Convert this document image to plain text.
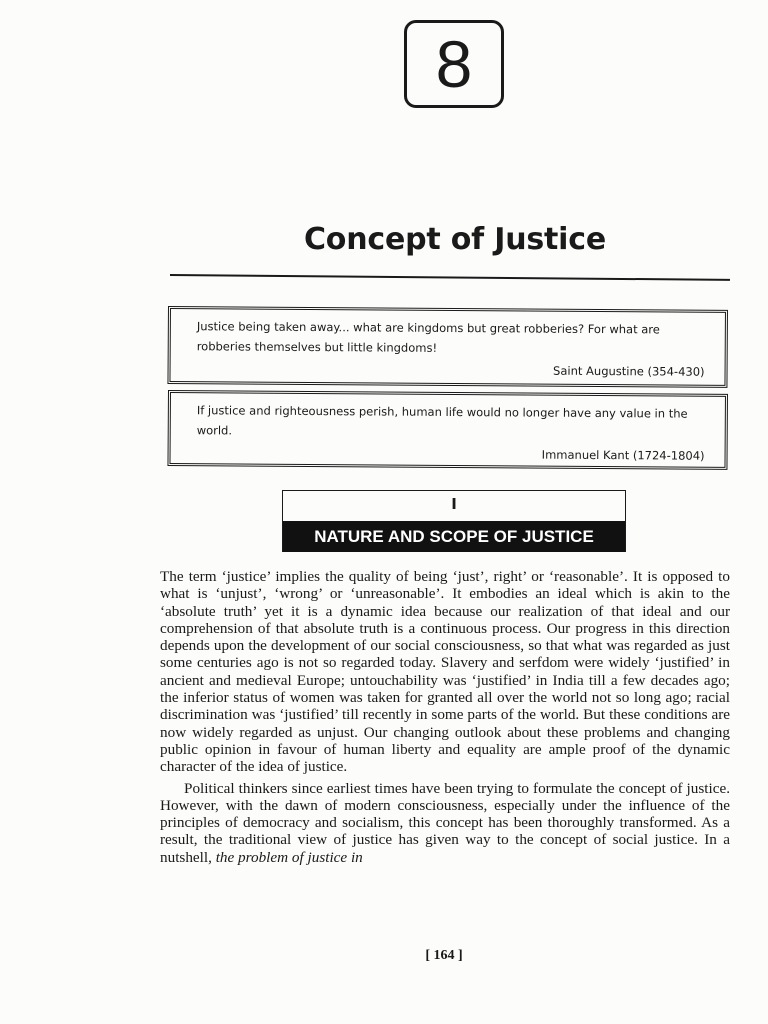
8
Concept of Justice
Justice being taken away... what are kingdoms but great robberies? For what are robberies themselves but little kingdoms!
Saint Augustine (354-430)
If justice and righteousness perish, human life would no longer have any value in the world.
Immanuel Kant (1724-1804)
I
NATURE AND SCOPE OF JUSTICE

The term ‘justice’ implies the quality of being ‘just’, right’ or ‘reasonable’. It is opposed to what is ‘unjust’, ‘wrong’ or ‘unreasonable’. It embodies an ideal which is akin to the ‘absolute truth’ yet it is a dynamic idea because our realization of that ideal and our comprehension of that absolute truth is a continuous process. Our progress in this direction depends upon the development of our social consciousness, so that what was regarded as just some centuries ago is not so regarded today. Slavery and serfdom were widely ‘justified’ in ancient and medieval Europe; untouchability was ‘justified’ in India till a few decades ago; the inferior status of women was taken for granted all over the world not so long ago; racial discrimination was ‘justified’ till recently in some parts of the world. But these conditions are now widely regarded as unjust. Our changing outlook about these problems and changing public opinion in favour of human liberty and equality are ample proof of the dynamic character of the idea of justice.

Political thinkers since earliest times have been trying to formulate the concept of justice. However, with the dawn of modern consciousness, especially under the influence of the principles of democracy and socialism, this concept has been thoroughly transformed. As a result, the traditional view of justice has given way to the concept of social justice. In a nutshell, the problem of justice in

[ 164 ]
